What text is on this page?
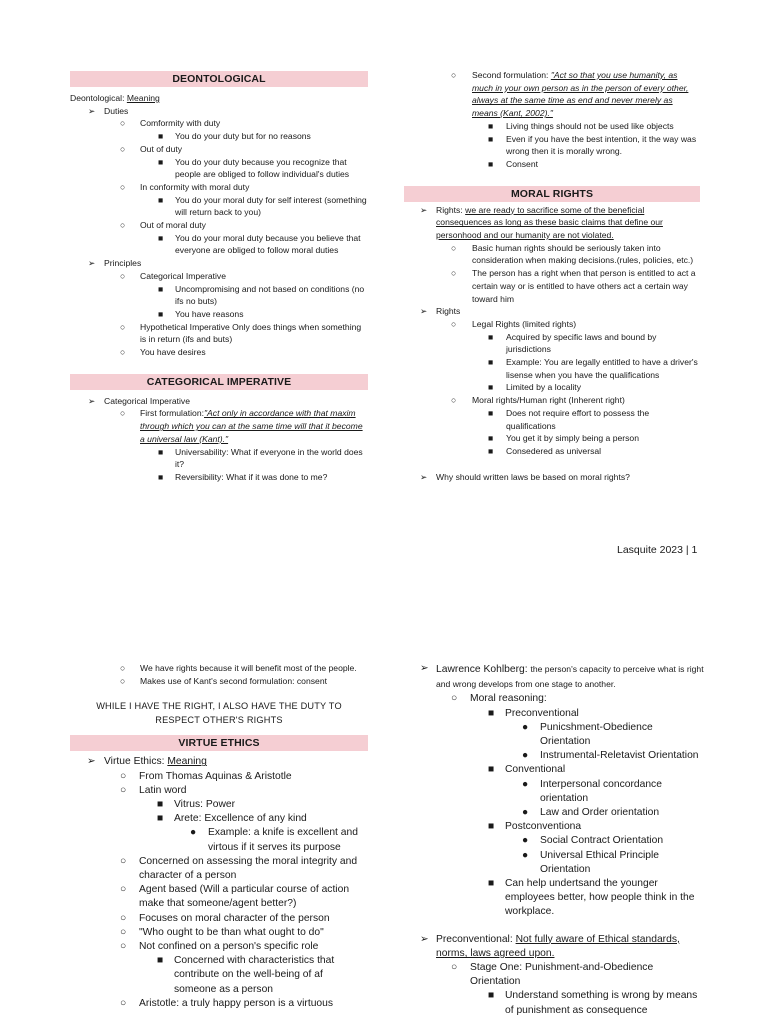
DEONTOLOGICAL
Deontological: Meaning
➢	Duties
○	Comformity with duty
■	You do your duty but for no reasons
○	Out of duty
■	You do your duty because you recognize that people are obliged to follow individual's duties
○	In conformity with moral duty
■	You do your moral duty for self interest (something will return back to you)
○	Out of moral duty
■	You do your moral duty because you believe that everyone are obliged to follow moral duties
➢	Principles
○	Categorical Imperative
■	Uncompromising and not based on conditions (no ifs no buts)
■	You have reasons
○	Hypothetical Imperative Only does things when something is in return (ifs and buts)
○	You have desires
CATEGORICAL IMPERATIVE
➢	Categorical Imperative
○	First formulation:"Act only in accordance with that maxim through which you can at the same time will that it become a universal law (Kant)."
■	Universability: What if everyone in the world does it?
■	Reversibility: What if it was done to me?
○	Second formulation: "Act so that you use humanity, as much in your own person as in the person of every other, always at the same time as end and never merely as means (Kant, 2002)."
■	Living things should not be used like objects
■	Even if you have the best intention, it the way was wrong then it is morally wrong.
■	Consent
MORAL RIGHTS
➢	Rights: we are ready to sacrifice some of the beneficial consequences as long as these basic claims that define our personhood and our humanity are not violated.
○	Basic human rights should be seriously taken into consideration when making decisions.(rules, policies, etc.)
○	The person has a right when that person is entitled to act a certain way or is entitled to have others act a certain way toward him
➢	Rights
○	Legal Rights (limited rights)
■	Acquired by specific laws and bound by jurisdictions
■	Example: You are legally entitled to have a driver's lisense when you have the qualifications
■	Limited by a locality
○	Moral rights/Human right (Inherent right)
■	Does not require effort to possess the qualifications
■	You get it by simply being a person
■	Consedered as universal
➢	Why should written laws be based on moral rights?
Lasquite 2023 | 1
○	We have rights because it will benefit most of the people.
○	Makes use of Kant's second formulation: consent
WHILE I HAVE THE RIGHT, I ALSO HAVE THE DUTY TO RESPECT OTHER'S RIGHTS
VIRTUE ETHICS
➢ Virtue Ethics: Meaning
○	From Thomas Aquinas & Aristotle
○	Latin word
■	Vitrus: Power
■	Arete: Excellence of any kind
●	Example: a knife is excellent and virtous if it serves its purpose
○	Concerned on assessing the moral integrity and character of a person
○	Agent based (Will a particular course of action make that someone/agent better?)
○	Focuses on moral character of the person
○	"Who ought to be than what ought to do"
○	Not confined on a person's specific role
■	Concerned with characteristics that contribute on the well-being of af someone as a person
○	Aristotle: a truly happy person is a virtuous
➢ Lawrence Kohlberg: the person's capacity to perceive what is right and wrong develops from one stage to another.
○	Moral reasoning:
■	Preconventional
●	Punicshment-Obedience Orientation
●	Instrumental-Reletavist Orientation
■	Conventional
●	Interpersonal concordance orientation
●	Law and Order orientation
■	Postconventiona
●	Social Contract Orientation
●	Universal Ethical Principle Orientation
■	Can help undertsand the younger employees better, how people think in the workplace.
➢ Preconventional: Not fully aware of Ethical standards, norms, laws agreed upon.
○	Stage One: Punishment-and-Obedience Orientation
■	Understand something is wrong by means of punishment as consequence
